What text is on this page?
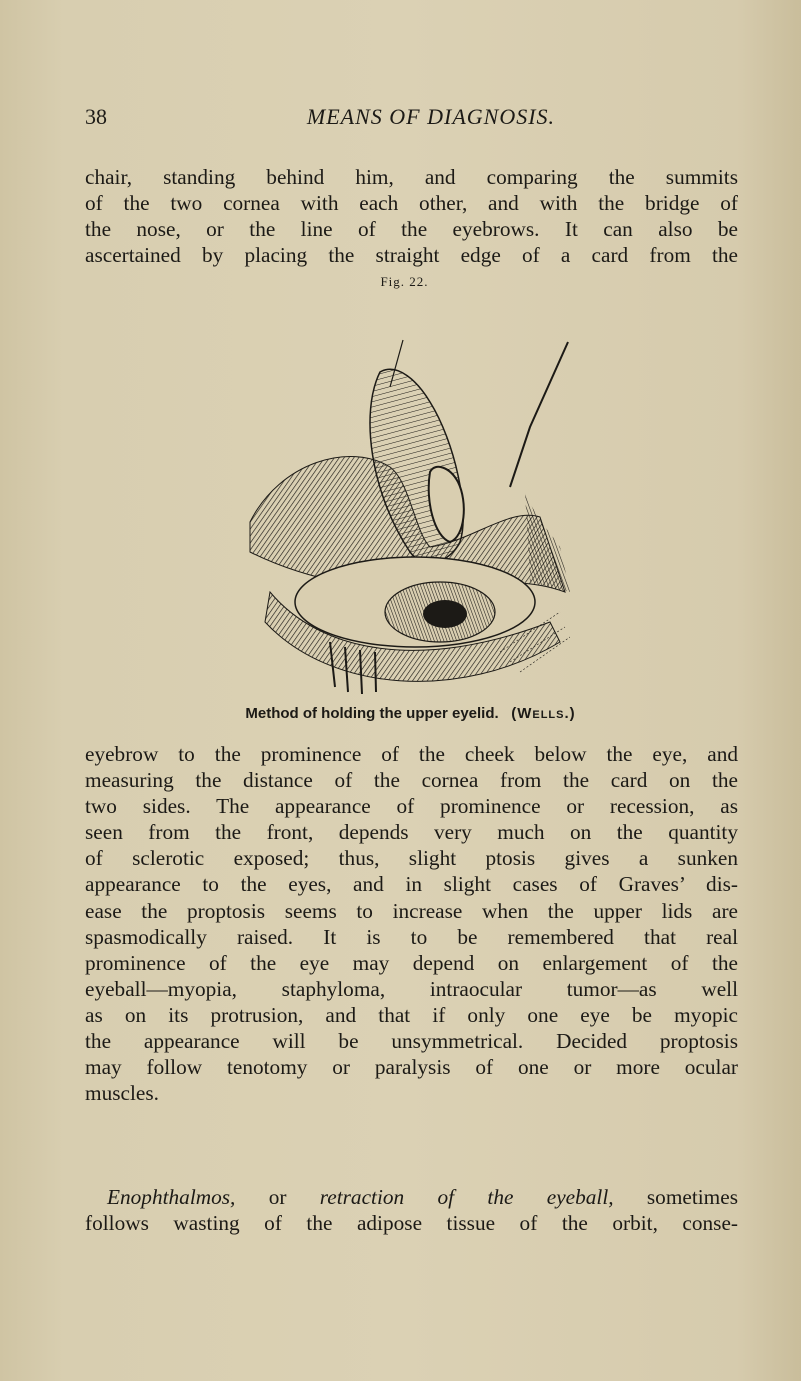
38	MEANS OF DIAGNOSIS.

chair, standing behind him, and comparing the summits
of the two cornea with each other, and with the bridge of
the nose, or the line of the eyebrows. It can also be
ascertained by placing the straight edge of a card from the

Fig. 22.
Method of holding the upper eyelid. (Wells.)

eyebrow to the prominence of the cheek below the eye, and
measuring the distance of the cornea from the card on the
two sides. The appearance of prominence or recession, as
seen from the front, depends very much on the quantity
of sclerotic exposed; thus, slight ptosis gives a sunken
appearance to the eyes, and in slight cases of Graves’ dis-
ease the proptosis seems to increase when the upper lids are
spasmodically raised. It is to be remembered that real
prominence of the eye may depend on enlargement of the
eyeball—myopia, staphyloma, intraocular tumor—as well
as on its protrusion, and that if only one eye be myopic
the appearance will be unsymmetrical. Decided proptosis
may follow tenotomy or paralysis of one or more ocular
muscles.

Enophthalmos, or retraction of the eyeball, sometimes
follows wasting of the adipose tissue of the orbit, conse-
